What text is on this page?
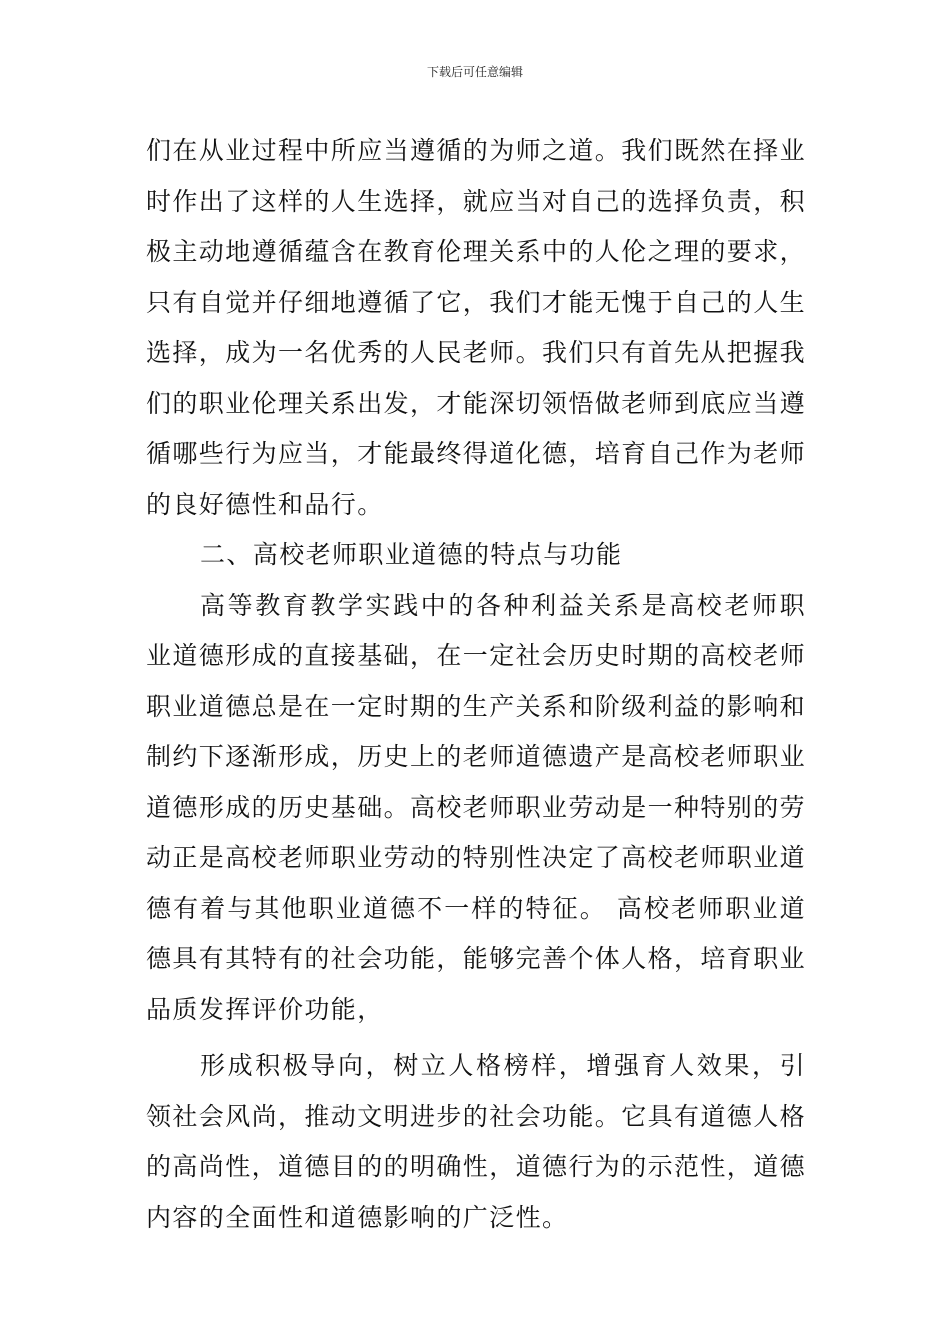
下载后可任意编辑

们在从业过程中所应当遵循的为师之道。我们既然在择业时作出了这样的人生选择，就应当对自己的选择负责，积极主动地遵循蕴含在教育伦理关系中的人伦之理的要求，只有自觉并仔细地遵循了它，我们才能无愧于自己的人生选择，成为一名优秀的人民老师。我们只有首先从把握我们的职业伦理关系出发，才能深切领悟做老师到底应当遵循哪些行为应当，才能最终得道化德，培育自己作为老师的良好德性和品行。

二、高校老师职业道德的特点与功能

高等教育教学实践中的各种利益关系是高校老师职业道德形成的直接基础，在一定社会历史时期的高校老师职业道德总是在一定时期的生产关系和阶级利益的影响和制约下逐渐形成，历史上的老师道德遗产是高校老师职业道德形成的历史基础。高校老师职业劳动是一种特别的劳动正是高校老师职业劳动的特别性决定了高校老师职业道德有着与其他职业道德不一样的特征。 高校老师职业道德具有其特有的社会功能，能够完善个体人格，培育职业品质发挥评价功能，

形成积极导向，树立人格榜样，增强育人效果，引领社会风尚，推动文明进步的社会功能。它具有道德人格的高尚性，道德目的的明确性，道德行为的示范性，道德内容的全面性和道德影响的广泛性。
